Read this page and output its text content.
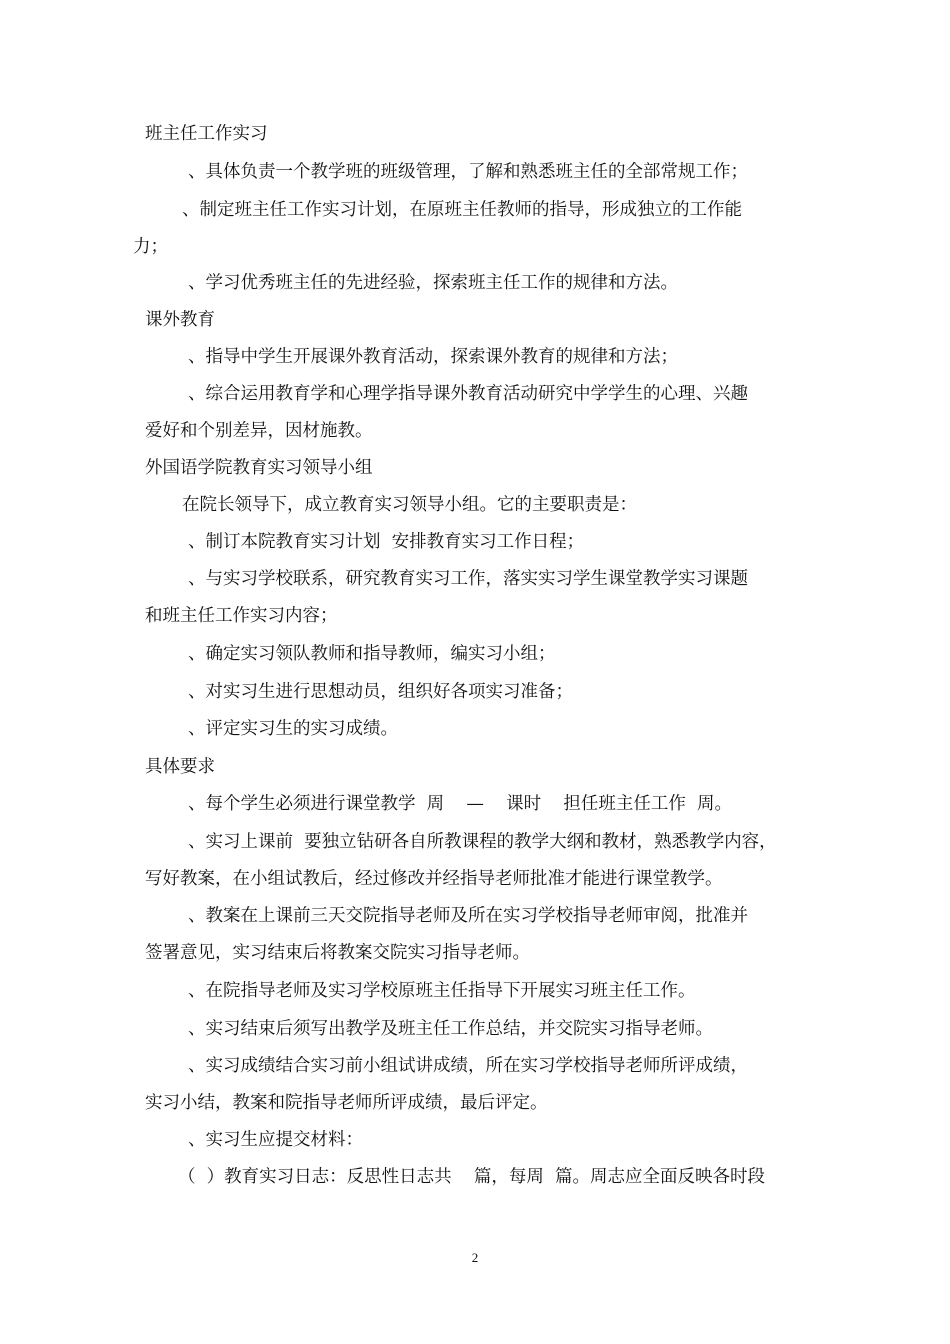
班主任工作实习

、具体负责一个教学班的班级管理，了解和熟悉班主任的全部常规工作；

、制定班主任工作实习计划，在原班主任教师的指导，形成独立的工作能

力；

、学习优秀班主任的先进经验，探索班主任工作的规律和方法。

课外教育

、指导中学生开展课外教育活动，探索课外教育的规律和方法；

、综合运用教育学和心理学指导课外教育活动研究中学学生的心理、兴趣

爱好和个别差异，因材施教。

外国语学院教育实习领导小组

在院长领导下，成立教育实习领导小组。它的主要职责是：

、制订本院教育实习计划  安排教育实习工作日程；

、与实习学校联系，研究教育实习工作，落实实习学生课堂教学实习课题

和班主任工作实习内容；

、确定实习领队教师和指导教师，编实习小组；

、对实习生进行思想动员，组织好各项实习准备；

、评定实习生的实习成绩。

具体要求

、每个学生必须进行课堂教学  周    —    课时    担任班主任工作  周。

、实习上课前  要独立钻研各自所教课程的教学大纲和教材，熟悉教学内容，

写好教案，在小组试教后，经过修改并经指导老师批准才能进行课堂教学。

、教案在上课前三天交院指导老师及所在实习学校指导老师审阅，批准并

签署意见，实习结束后将教案交院实习指导老师。

、在院指导老师及实习学校原班主任指导下开展实习班主任工作。

、实习结束后须写出教学及班主任工作总结，并交院实习指导老师。

、实习成绩结合实习前小组试讲成绩，所在实习学校指导老师所评成绩，

实习小结，教案和院指导老师所评成绩，最后评定。

、实习生应提交材料：

（  ）教育实习日志：反思性日志共    篇，每周  篇。周志应全面反映各时段

2
